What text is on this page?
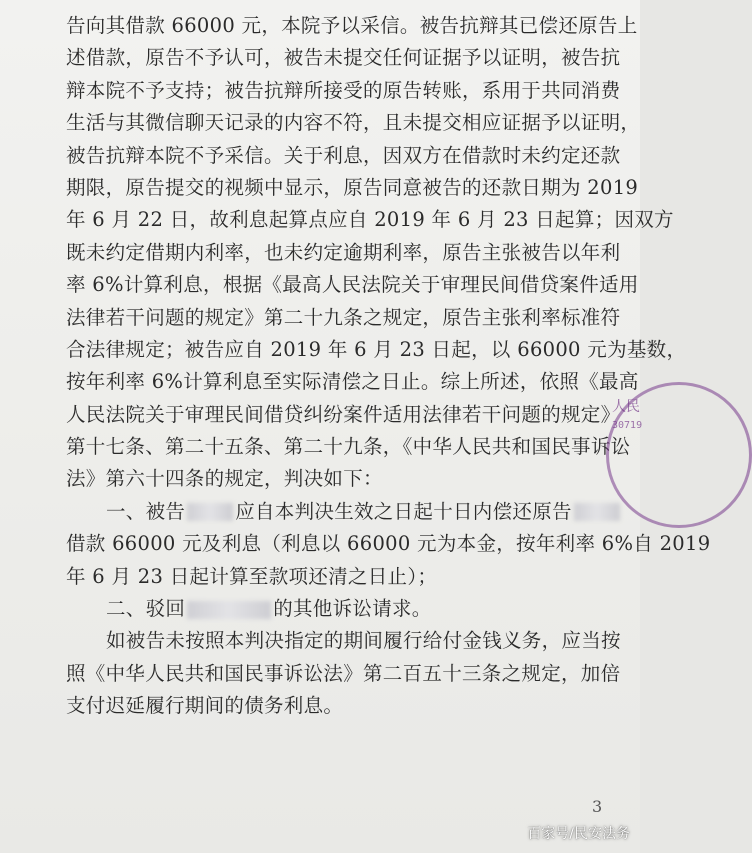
告向其借款 66000 元，本院予以采信。被告抗辩其已偿还原告上
述借款，原告不予认可，被告未提交任何证据予以证明，被告抗
辩本院不予支持；被告抗辩所接受的原告转账，系用于共同消费
生活与其微信聊天记录的内容不符，且未提交相应证据予以证明，
被告抗辩本院不予采信。关于利息，因双方在借款时未约定还款
期限，原告提交的视频中显示，原告同意被告的还款日期为 2019
年 6 月 22 日，故利息起算点应自 2019 年 6 月 23 日起算；因双方
既未约定借期内利率，也未约定逾期利率，原告主张被告以年利
率 6%计算利息，根据《最高人民法院关于审理民间借贷案件适用
法律若干问题的规定》第二十九条之规定，原告主张利率标准符
合法律规定；被告应自 2019 年 6 月 23 日起，以 66000 元为基数，
按年利率 6%计算利息至实际清偿之日止。综上所述，依照《最高
人民法院关于审理民间借贷纠纷案件适用法律若干问题的规定》
第十七条、第二十五条、第二十九条，《中华人民共和国民事诉讼
法》第六十四条的规定，判决如下：
一、被告	应自本判决生效之日起十日内偿还原告
借款 66000 元及利息（利息以 66000 元为本金，按年利率 6%自 2019
年 6 月 23 日起计算至款项还清之日止）；
二、驳回	的其他诉讼请求。
如被告未按照本判决指定的期间履行给付金钱义务，应当按
照《中华人民共和国民事诉讼法》第二百五十三条之规定，加倍
支付迟延履行期间的债务利息。
人民
30719
3
百家号/民安法务
